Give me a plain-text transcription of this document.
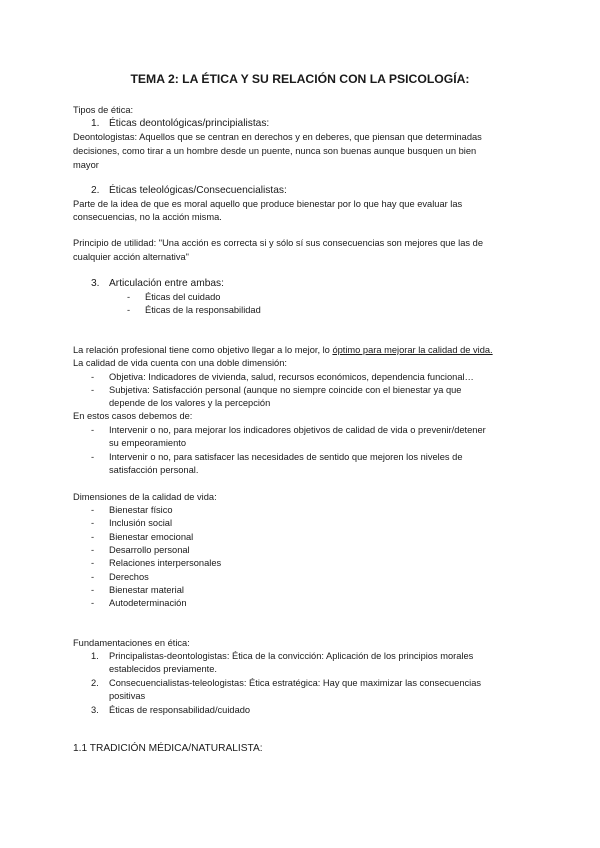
TEMA 2: LA ÉTICA Y SU RELACIÓN CON LA PSICOLOGÍA:
Tipos de ética:
1. Éticas deontológicas/principialistas:
Deontologistas: Aquellos que se centran en derechos y en deberes, que piensan que determinadas
decisiones, como tirar a un hombre desde un puente, nunca son buenas aunque busquen un bien
mayor
2. Éticas teleológicas/Consecuencialistas:
Parte de la idea de que es moral aquello que produce bienestar por lo que hay que evaluar las
consecuencias, no la acción misma.
Principio de utilidad: "Una acción es correcta si y sólo sí sus consecuencias son mejores que las de
cualquier acción alternativa"
3. Articulación entre ambas:
- Éticas del cuidado
- Éticas de la responsabilidad
La relación profesional tiene como objetivo llegar a lo mejor, lo óptimo para mejorar la calidad de vida.
La calidad de vida cuenta con una doble dimensión:
- Objetiva: Indicadores de vivienda, salud, recursos económicos, dependencia funcional…
- Subjetiva: Satisfacción personal (aunque no siempre coincide con el bienestar ya que
depende de los valores y la percepción
En estos casos debemos de:
- Intervenir o no, para mejorar los indicadores objetivos de calidad de vida o prevenir/detener
su empeoramiento
- Intervenir o no, para satisfacer las necesidades de sentido que mejoren los niveles de
satisfacción personal.
Dimensiones de la calidad de vida:
- Bienestar físico
- Inclusión social
- Bienestar emocional
- Desarrollo personal
- Relaciones interpersonales
- Derechos
- Bienestar material
- Autodeterminación
Fundamentaciones en ética:
1. Principalistas-deontologistas: Ética de la convicción: Aplicación de los principios morales
establecidos previamente.
2. Consecuencialistas-teleologistas: Ética estratégica: Hay que maximizar las consecuencias
positivas
3. Éticas de responsabilidad/cuidado
1.1 TRADICIÓN MÉDICA/NATURALISTA:
